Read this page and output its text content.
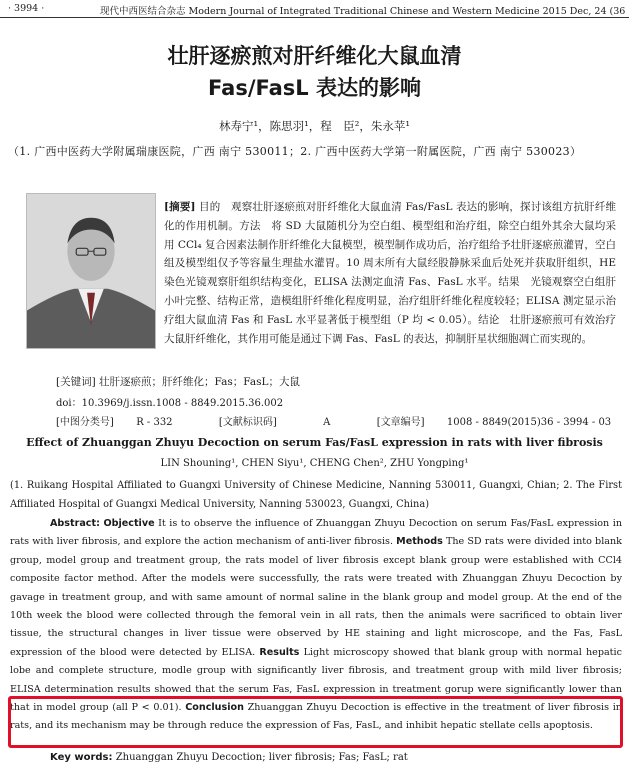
· 3994 ·	现代中西医结合杂志 Modern Journal of Integrated Traditional Chinese and Western Medicine 2015 Dec, 24 (36
壮肝逐瘀煎对肝纤维化大鼠血清
Fas/FasL 表达的影响
林寿宁¹，陈思羽¹，程　臣²，朱永苹¹
（1. 广西中医药大学附属瑞康医院，广西 南宁 530011；2. 广西中医药大学第一附属医院，广西 南宁 530023）
[摘要] 目的　观察壮肝逐瘀煎对肝纤维化大鼠血清 Fas/FasL 表达的影响，探讨该组方抗肝纤维化的作用机制。方法　将 SD 大鼠随机分为空白组、模型组和治疗组，除空白组外其余大鼠均采用 CCl₄ 复合因素法制作肝纤维化大鼠模型，模型制作成功后，治疗组给予壮肝逐瘀煎灌胃，空白组及模型组仅予等容量生理盐水灌胃。10 周末所有大鼠经股静脉采血后处死并获取肝组织，HE 染色光镜观察肝组织结构变化，ELISA 法测定血清 Fas、FasL 水平。结果　光镜观察空白组肝小叶完整、结构正常，造模组肝纤维化程度明显，治疗组肝纤维化程度较轻；ELISA 测定显示治疗组大鼠血清 Fas 和 FasL 水平显著低于模型组（P 均 < 0.05）。结论　壮肝逐瘀煎可有效治疗大鼠肝纤维化，其作用可能是通过下调 Fas、FasL 的表达，抑制肝星状细胞凋亡而实现的。
[关键词] 壮肝逐瘀煎；肝纤维化；Fas；FasL；大鼠
doi：10.3969/j.issn.1008 - 8849.2015.36.002
[中图分类号] R - 332	[文献标识码]	A	[文章编号] 1008 - 8849(2015)36 - 3994 - 03
Effect of Zhuanggan Zhuyu Decoction on serum Fas/FasL expression in rats with liver fibrosis
LIN Shouning¹, CHEN Siyu¹, CHENG Chen², ZHU Yongping¹
(1. Ruikang Hospital Affiliated to Guangxi University of Chinese Medicine, Nanning 530011, Guangxi, Chian; 2. The First Affiliated Hospital of Guangxi Medical University, Nanning 530023, Guangxi, China)
Abstract: Objective It is to observe the influence of Zhuanggan Zhuyu Decoction on serum Fas/FasL expression in rats with liver fibrosis, and explore the action mechanism of anti-liver fibrosis. Methods The SD rats were divided into blank group, model group and treatment group, the rats model of liver fibrosis except blank group were established with CCl4 composite factor method. After the models were successfully, the rats were treated with Zhuanggan Zhuyu Decoction by gavage in treatment group, and with same amount of normal saline in the blank group and model group. At the end of the 10th week the blood were collected through the femoral vein in all rats, then the animals were sacrificed to obtain liver tissue, the structural changes in liver tissue were observed by HE staining and light microscope, and the Fas, FasL expression of the blood were detected by ELISA. Results Light microscopy showed that blank group with normal hepatic lobe and complete structure, modle group with significantly liver fibrosis, and treatment group with mild liver fibrosis; ELISA determination results showed that the serum Fas, FasL expression in treatment gorup were significantly lower than that in model group (all P < 0.01). Conclusion Zhuanggan Zhuyu Decoction is effective in the treatment of liver fibrosis in rats, and its mechanism may be through reduce the expression of Fas, FasL, and inhibit hepatic stellate cells apoptosis.
Key words: Zhuanggan Zhuyu Decoction; liver fibrosis; Fas; FasL; rat
